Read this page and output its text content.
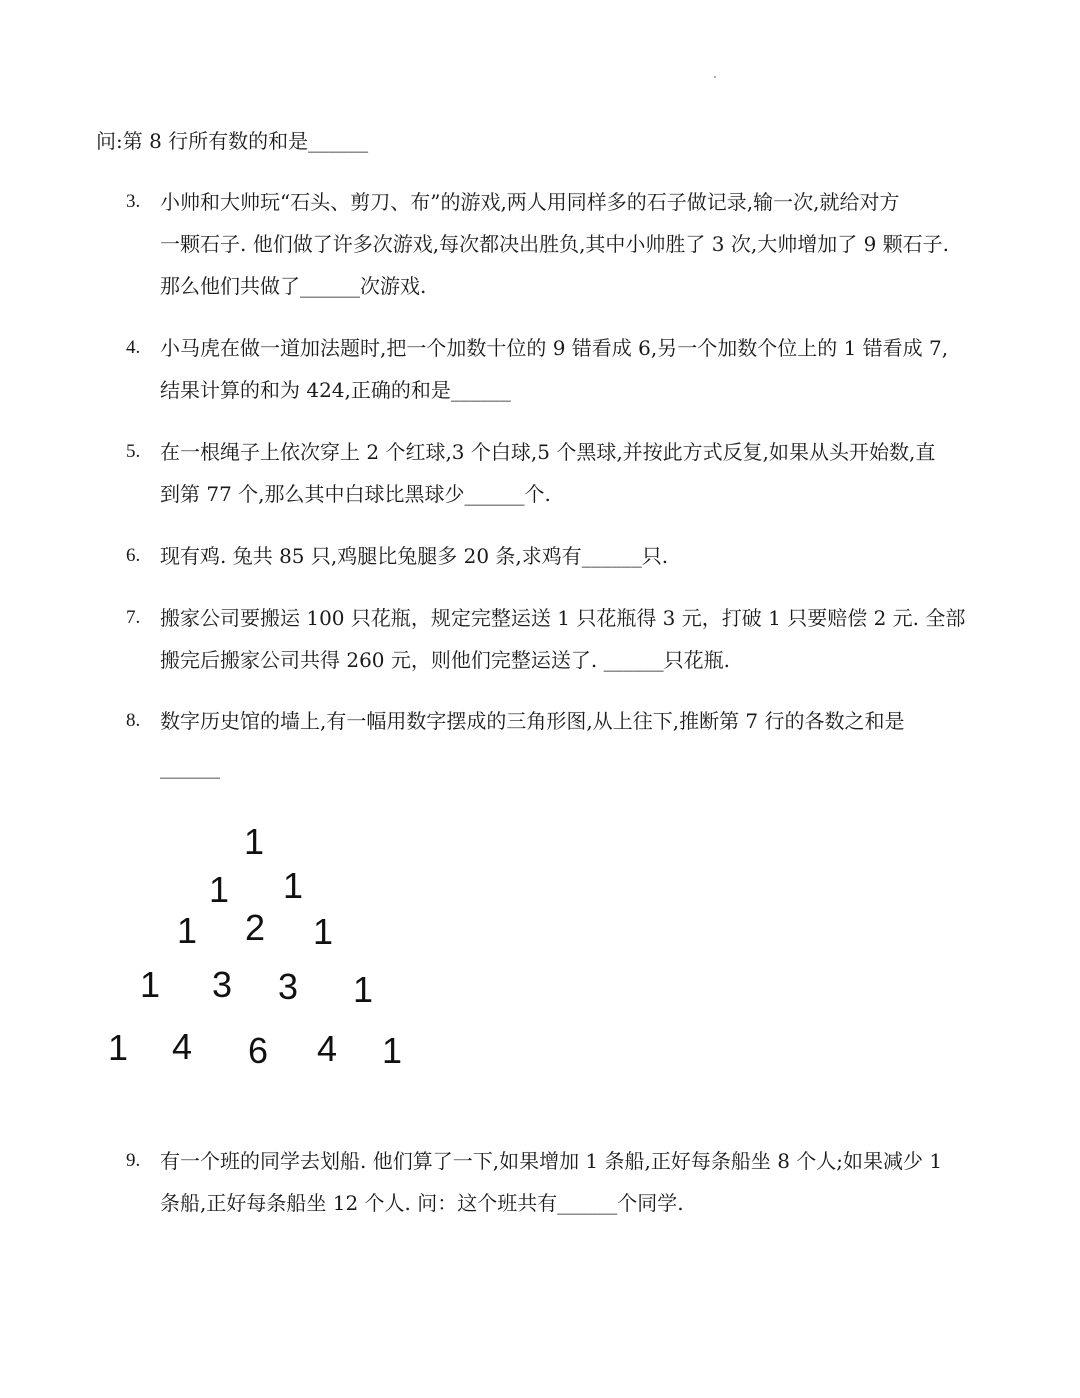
问:第 8 行所有数的和是______
3. 小帅和大帅玩“石头、剪刀、布”的游戏,两人用同样多的石子做记录,输一次,就给对方
一颗石子. 他们做了许多次游戏,每次都决出胜负,其中小帅胜了 3 次,大帅增加了 9 颗石子.
那么他们共做了______次游戏.
4. 小马虎在做一道加法题时,把一个加数十位的 9 错看成 6,另一个加数个位上的 1 错看成 7,
结果计算的和为 424,正确的和是______
5. 在一根绳子上依次穿上 2 个红球,3 个白球,5 个黑球,并按此方式反复,如果从头开始数,直
到第 77 个,那么其中白球比黑球少______个.
6. 现有鸡. 兔共 85 只,鸡腿比兔腿多 20 条,求鸡有______只.
7. 搬家公司要搬运 100 只花瓶，规定完整运送 1 只花瓶得 3 元，打破 1 只要赔偿 2 元. 全部
搬完后搬家公司共得 260 元，则他们完整运送了. ______只花瓶.
8. 数字历史馆的墙上,有一幅用数字摆成的三角形图,从上往下,推断第 7 行的各数之和是
______
1
1 1
1 2 1
1 3 3 1
1 4 6 4 1
9. 有一个班的同学去划船. 他们算了一下,如果增加 1 条船,正好每条船坐 8 个人;如果减少 1
条船,正好每条船坐 12 个人. 问：这个班共有______个同学.
